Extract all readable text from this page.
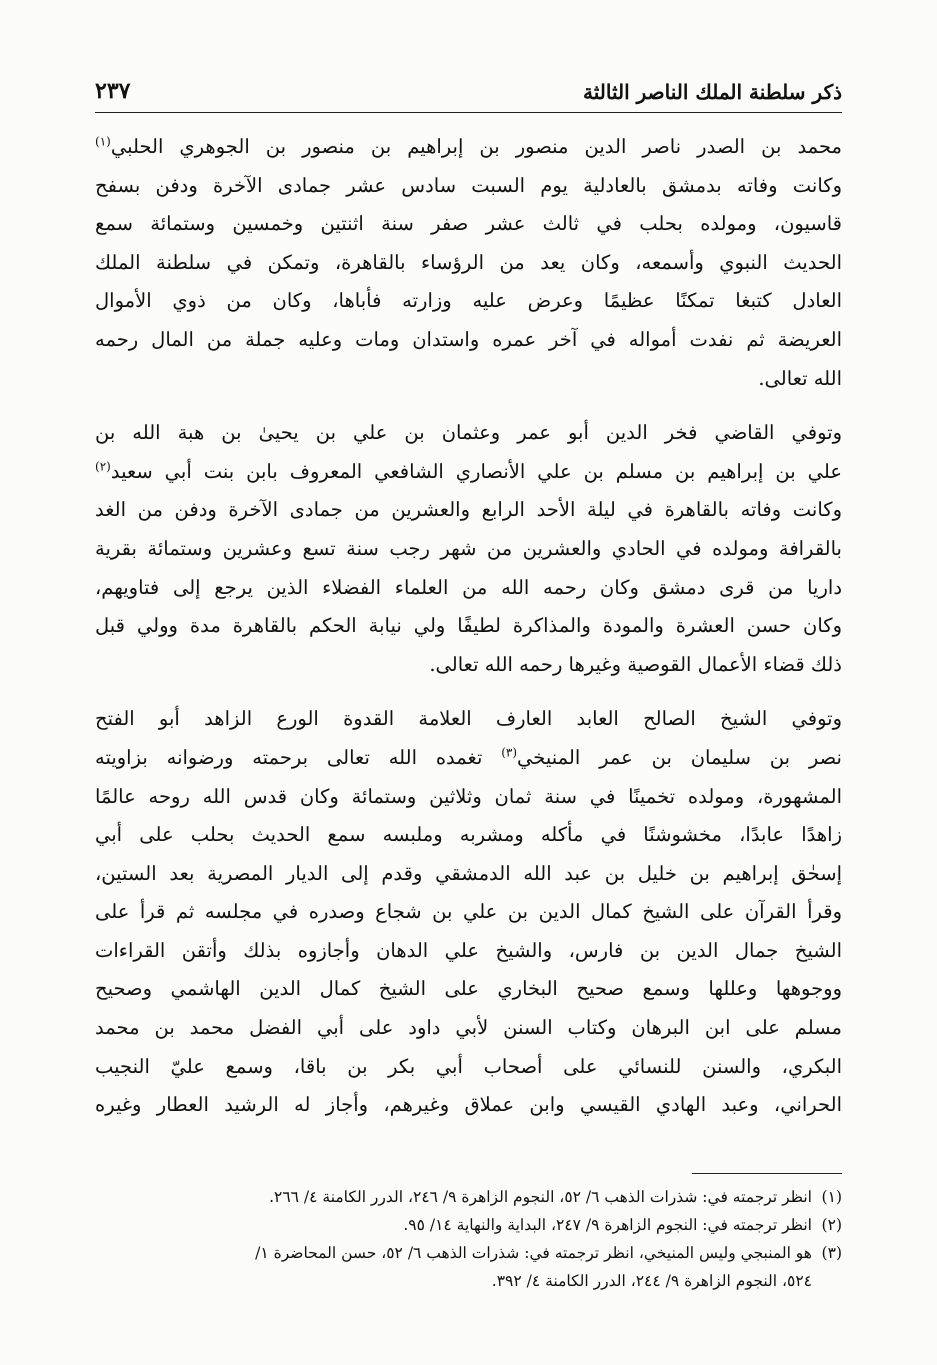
ذكر سلطنة الملك الناصر الثالثة
٢٣٧
محمد بن الصدر ناصر الدين منصور بن إبراهيم بن منصور بن الجوهري الحلبي$^{(١)}$
وكانت وفاته بدمشق بالعادلية يوم السبت سادس عشر جمادى الآخرة ودفن بسفح
قاسيون، ومولده بحلب في ثالث عشر صفر سنة اثنتين وخمسين وستمائة سمع
الحديث النبوي وأسمعه، وكان يعد من الرؤساء بالقاهرة، وتمكن في سلطنة الملك
العادل كتبغا تمكنًا عظيمًا وعرض عليه وزارته فأباها، وكان من ذوي الأموال
العريضة ثم نفدت أمواله في آخر عمره واستدان ومات وعليه جملة من المال رحمه
الله تعالى.
وتوفي القاضي فخر الدين أبو عمر وعثمان بن علي بن يحيىٰ بن هبة الله بن
علي بن إبراهيم بن مسلم بن علي الأنصاري الشافعي المعروف بابن بنت أبي سعيد$^{(٢)}$
وكانت وفاته بالقاهرة في ليلة الأحد الرابع والعشرين من جمادى الآخرة ودفن من الغد
بالقرافة ومولده في الحادي والعشرين من شهر رجب سنة تسع وعشرين وستمائة بقرية
داريا من قرى دمشق وكان رحمه الله من العلماء الفضلاء الذين يرجع إلى فتاويهم،
وكان حسن العشرة والمودة والمذاكرة لطيفًا ولي نيابة الحكم بالقاهرة مدة وولي قبل
ذلك قضاء الأعمال القوصية وغيرها رحمه الله تعالى.
وتوفي الشيخ الصالح العابد العارف العلامة القدوة الورع الزاهد أبو الفتح
نصر بن سليمان بن عمر المنيخي$^{(٣)}$ تغمده الله تعالى برحمته ورضوانه بزاويته
المشهورة، ومولده تخمينًا في سنة ثمان وثلاثين وستمائة وكان قدس الله روحه عالمًا
زاهدًا عابدًا، مخشوشنًا في مأكله ومشربه وملبسه سمع الحديث بحلب على أبي
إسحٰق إبراهيم بن خليل بن عبد الله الدمشقي وقدم إلى الديار المصرية بعد الستين،
وقرأ القرآن على الشيخ كمال الدين بن علي بن شجاع وصدره في مجلسه ثم قرأ على
الشيخ جمال الدين بن فارس، والشيخ علي الدهان وأجازوه بذلك وأتقن القراءات
ووجوهها وعللها وسمع صحيح البخاري على الشيخ كمال الدين الهاشمي وصحيح
مسلم على ابن البرهان وكتاب السنن لأبي داود على أبي الفضل محمد بن محمد
البكري، والسنن للنسائي على أصحاب أبي بكر بن باقا، وسمع عليّ النجيب
الحراني، وعبد الهادي القيسي وابن عملاق وغيرهم، وأجاز له الرشيد العطار وغيره
(١)انظر ترجمته في: شذرات الذهب ٦/ ٥٢، النجوم الزاهرة ٩/ ٢٤٦، الدرر الكامنة ٤/ ٢٦٦.
(٢)انظر ترجمته في: النجوم الزاهرة ٩/ ٢٤٧، البداية والنهاية ١٤/ ٩٥.
(٣)هو المنبجي وليس المنيخي، انظر ترجمته في: شذرات الذهب ٦/ ٥٢، حسن المحاضرة ١/
٥٢٤، النجوم الزاهرة ٩/ ٢٤٤، الدرر الكامنة ٤/ ٣٩٢.
